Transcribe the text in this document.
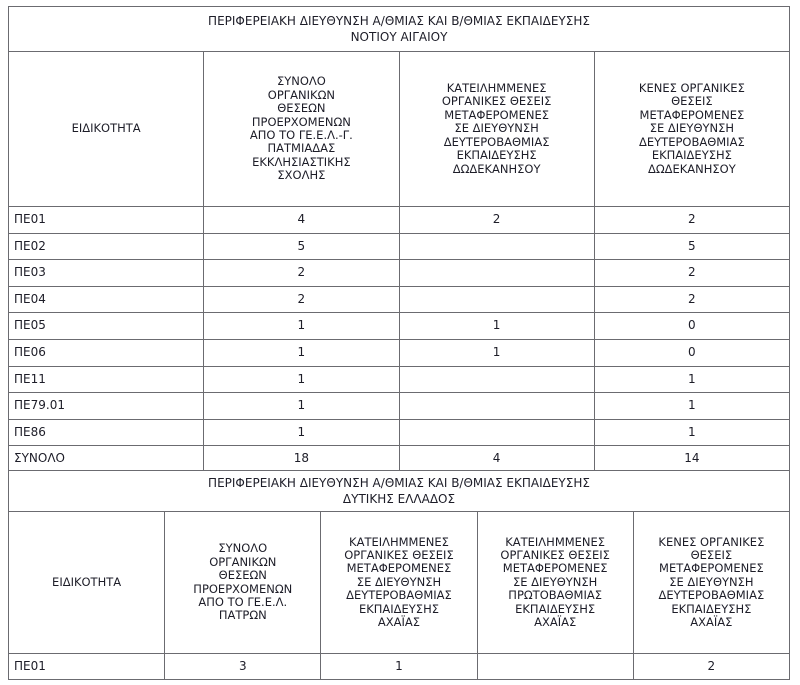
ΠΕΡΙΦΕΡΕΙΑΚΗ ΔΙΕΥΘΥΝΣΗ Α/ΘΜΙΑΣ ΚΑΙ Β/ΘΜΙΑΣ ΕΚΠΑΙΔΕΥΣΗΣ
ΝΟΤΙΟΥ ΑΙΓΑΙΟΥ			

ΕΙΔΙΚΟΤΗΤΑ

ΣΥΝΟΛΟ
ΟΡΓΑΝΙΚΩΝ
ΘΕΣΕΩΝ
ΠΡΟΕΡΧΟΜΕΝΩΝ
ΑΠΟ ΤΟ ΓΕ.Ε.Λ.-Γ.
ΠΑΤΜΙΑΔΑΣ
ΕΚΚΛΗΣΙΑΣΤΙΚΗΣ
ΣΧΟΛΗΣ

ΚΑΤΕΙΛΗΜΜΕΝΕΣ
ΟΡΓΑΝΙΚΕΣ ΘΕΣΕΙΣ
ΜΕΤΑΦΕΡΟΜΕΝΕΣ
ΣΕ ΔΙΕΥΘΥΝΣΗ
ΔΕΥΤΕΡΟΒΑΘΜΙΑΣ
ΕΚΠΑΙΔΕΥΣΗΣ
ΔΩΔΕΚΑΝΗΣΟΥ

ΚΕΝΕΣ ΟΡΓΑΝΙΚΕΣ
ΘΕΣΕΙΣ
ΜΕΤΑΦΕΡΟΜΕΝΕΣ
ΣΕ ΔΙΕΥΘΥΝΣΗ
ΔΕΥΤΕΡΟΒΑΘΜΙΑΣ
ΕΚΠΑΙΔΕΥΣΗΣ
ΔΩΔΕΚΑΝΗΣΟΥ

ΠΕ01	4	2	2
ΠΕ02	5		5
ΠΕ03	2		2
ΠΕ04	2		2
ΠΕ05	1	1	0
ΠΕ06	1	1	0
ΠΕ11	1		1
ΠΕ79.01	1		1
ΠΕ86	1		1
ΣΥΝΟΛΟ	18	4	14
ΠΕΡΙΦΕΡΕΙΑΚΗ ΔΙΕΥΘΥΝΣΗ Α/ΘΜΙΑΣ ΚΑΙ Β/ΘΜΙΑΣ ΕΚΠΑΙΔΕΥΣΗΣ
ΔΥΤΙΚΗΣ ΕΛΛΑΔΟΣ				

ΕΙΔΙΚΟΤΗΤΑ

ΣΥΝΟΛΟ
ΟΡΓΑΝΙΚΩΝ
ΘΕΣΕΩΝ
ΠΡΟΕΡΧΟΜΕΝΩΝ
ΑΠΟ ΤΟ ΓΕ.Ε.Λ.
ΠΑΤΡΩΝ

ΚΑΤΕΙΛΗΜΜΕΝΕΣ
ΟΡΓΑΝΙΚΕΣ ΘΕΣΕΙΣ
ΜΕΤΑΦΕΡΟΜΕΝΕΣ
ΣΕ ΔΙΕΥΘΥΝΣΗ
ΔΕΥΤΕΡΟΒΑΘΜΙΑΣ
ΕΚΠΑΙΔΕΥΣΗΣ
ΑΧΑΪΑΣ

ΚΑΤΕΙΛΗΜΜΕΝΕΣ
ΟΡΓΑΝΙΚΕΣ ΘΕΣΕΙΣ
ΜΕΤΑΦΕΡΟΜΕΝΕΣ
ΣΕ ΔΙΕΥΘΥΝΣΗ
ΠΡΩΤΟΒΑΘΜΙΑΣ
ΕΚΠΑΙΔΕΥΣΗΣ
ΑΧΑΪΑΣ

ΚΕΝΕΣ ΟΡΓΑΝΙΚΕΣ
ΘΕΣΕΙΣ
ΜΕΤΑΦΕΡΟΜΕΝΕΣ
ΣΕ ΔΙΕΥΘΥΝΣΗ
ΔΕΥΤΕΡΟΒΑΘΜΙΑΣ
ΕΚΠΑΙΔΕΥΣΗΣ
ΑΧΑΪΑΣ

ΠΕ01	3	1		2
